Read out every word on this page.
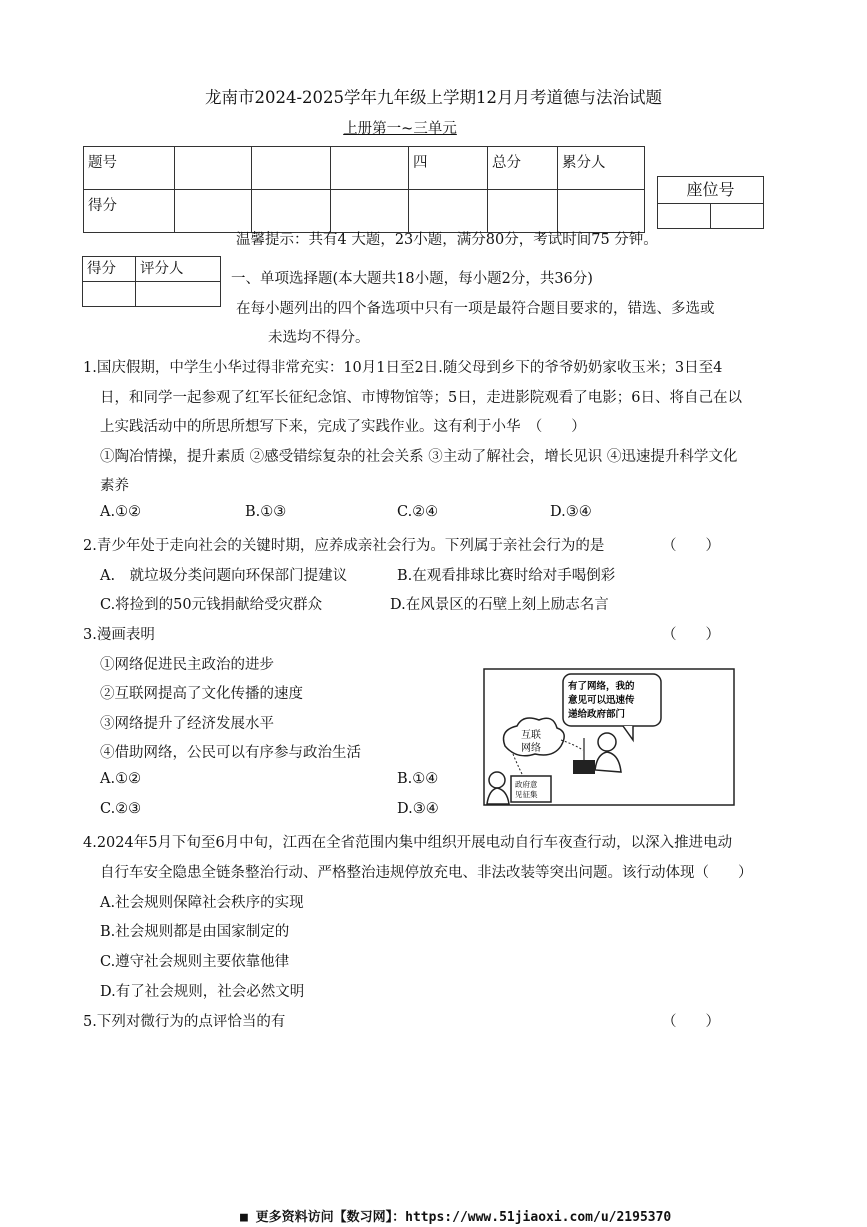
龙南市2024-2025学年九年级上学期12月月考道德与法治试题
上册第一~三单元
题号				四	总分	累分人
得分						
座位号

温馨提示：共有4 大题，23小题，满分80分，考试时间75 分钟。
得分	评分人

一、单项选择题(本大题共18小题，每小题2分，共36分)
在每小题列出的四个备选项中只有一项是最符合题目要求的，错选、多选或
未选均不得分。
1.国庆假期，中学生小华过得非常充实：10月1日至2日.随父母到乡下的爷爷奶奶家收玉米；3日至4
日，和同学一起参观了红军长征纪念馆、市博物馆等；5日，走进影院观看了电影；6日、将自己在以
上实践活动中的所思所想写下来，完成了实践作业。这有利于小华　（　　）
①陶冶情操，提升素质 ②感受错综复杂的社会关系 ③主动了解社会，增长见识 ④迅速提升科学文化
素养
A.①②	B.①③	C.②④	D.③④
2.青少年处于走向社会的关键时期，应养成亲社会行为。下列属于亲社会行为的是	（　　）
A.　就垃圾分类问题向环保部门提建议	B.在观看排球比赛时给对手喝倒彩
C.将捡到的50元钱捐献给受灾群众	D.在风景区的石壁上刻上励志名言
3.漫画表明	（　　）
①网络促进民主政治的进步
②互联网提高了文化传播的速度
③网络提升了经济发展水平
④借助网络，公民可以有序参与政治生活
A.①②	B.①④
C.②③	D.③④
有了网络，我的
意见可以迅速传
递给政府部门
互联
网络
政府意
见征集
4.2024年5月下旬至6月中旬，江西在全省范围内集中组织开展电动自行车夜查行动，以深入推进电动
自行车安全隐患全链条整治行动、严格整治违规停放充电、非法改装等突出问题。该行动体现（　　）
A.社会规则保障社会秩序的实现
B.社会规则都是由国家制定的
C.遵守社会规则主要依靠他律
D.有了社会规则，社会必然文明
5.下列对微行为的点评恰当的有	（　　）
■ 更多资料访问【数习网】：https://www.51jiaoxi.com/u/2195370
